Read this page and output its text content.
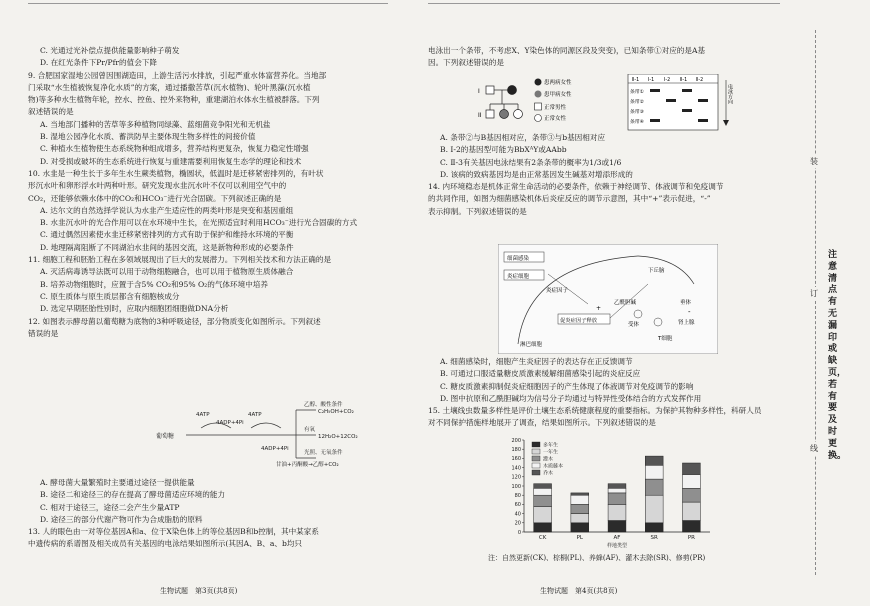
C. 光通过光补偿点提供能量影响种子萌发
D. 在红光条件下Pr/Pfr的值会下降
9. 合肥国家湿地公园曾因围湖造田，上游生活污水排放，引起严重水体富营养化。当地部
门采取“水生植被恢复净化水质”的方案，通过播撒苦草(沉水植物)、轮叶黑藻(沉水植
物)等多种水生植物年轮，控水、控鱼、控外来物种，重建湖泊水体水生植被群落。下列
叙述错误的是
A. 当地部门播种的苦草等多种植物同绿藻、蓝细菌竞争阳光和无机盐
B. 湿地公园净化水质、蓄洪防旱主要体现生物多样性的间接价值
C. 种植水生植物使生态系统物种组成增多，营养结构更复杂，恢复力稳定性增强
D. 对受损或破坏的生态系统进行恢复与重建需要利用恢复生态学的理论和技术
10. 水韭是一种生长于多年生水生蕨类植物，椭圆状，低温时是迁移紧密排列的，有叶状
形沉水叶和卵形浮水叶两种叶形。研究发现水韭沉水叶不仅可以利用空气中的
CO₂，还能够依赖水体中的CO₂和HCO₃⁻进行光合固碳。下列叙述正确的是
A. 达尔文的自然选择学说认为水韭产生适应性的两类叶形是突变和基因重组
B. 水韭沉水叶的光合作用可以在水环境中生长，在光照适宜时利用HCO₃⁻进行光合固碳的方式
C. 通过偶然因素使水韭迁移紧密排列的方式有助于保护和维持水环境的平衡
D. 地理隔离阻断了不同湖泊水韭间的基因交流，这是新物种形成的必要条件
11. 细胞工程和胚胎工程在多领域展现出了巨大的发展潜力。下列相关技术和方法正确的是
A. 灭活病毒诱导法既可以用于动物细胞融合，也可以用于植物原生质体融合
B. 培养动物细胞时，应置于含5% CO₂和95% O₂的气体环境中培养
C. 原生质体与原生质层都含有细胞核成分
D. 选定早期胚胎性别时，应取内细胞团细胞做DNA分析
12. 如图表示酵母菌以葡萄糖为底物的3种呼吸途径，部分物质变化如图所示。下列叙述
错误的是
葡萄糖
4ATP
4ADP+4Pi
4ATP
4ADP+4Pi
乙醇、酸性条件
C₂H₅OH+CO₂
有氧
12H₂O+12CO₂
光照、无氧条件
甘油+丙酮酸→乙醇+CO₂
A. 酵母菌大量繁殖时主要通过途径一提供能量
B. 途径二和途径三的存在提高了酵母菌适应环境的能力
C. 相对于途径三，途径二会产生少量ATP
D. 途径三的部分代谢产物可作为合成脂肪的原料
13. 人的眼色由一对等位基因A和a、位于X染色体上的等位基因B和b控制，其中某家系
中遗传病的系谱图及相关成员有关基因的电泳结果如图所示(其因A、B、a、b均只
生物试题　第3页(共8页)
电泳出一个条带，不考虑X、Y染色体的同源区段及突变)，已知条带①对应的是A基
因。下列叙述错误的是
I
II
患两病女性
患甲病女性
正常男性
正常女性
Ⅱ-1 Ⅰ-1 Ⅰ-2 Ⅱ-1 Ⅱ-2
条带①
条带②
条带③
条带④
电泳方向
A. 条带②与B基因相对应，条带③与b基因相对应
B. Ⅰ-2的基因型可能为BbXᴬY或AAbb
C. Ⅱ-3有关基因电泳结果有2条条带的概率为1/3或1/6
D. 该病的致病基因均是由正常基因发生碱基对增添形成的
14. 内环境稳态是机体正常生命活动的必要条件，依赖于神经调节、体液调节和免疫调节
的共同作用，如图为细菌感染机体后炎症反应的调节示意图，其中“+”表示促进，“-”
表示抑制。下列叙述错误的是
细菌感染
炎症细胞
炎症因子
促炎症因子释放
下丘脑
垂体
肾上腺
乙酰胆碱
受体
T细胞
淋巴细胞
+	-
A. 细菌感染时，细胞产生炎症因子的表达存在正反馈调节
B. 可通过口服适量糖皮质激素缓解细菌感染引起的炎症反应
C. 糖皮质激素抑制促炎症细胞因子的产生体现了体液调节对免疫调节的影响
D. 图中抗原和乙酰胆碱均为信号分子均通过与特异性受体结合的方式发挥作用
15. 土壤线虫数量多样性是评价土壤生态系统健康程度的重要指标。为保护其物种多样性，科研人员
对不同保护措施样地展开了调查，结果如图所示。下列叙述错误的是
0
20
40
60
80
100
120
140
160
180
200
CK	PL	AF	SR	PR
样地类型
多年生
一年生
灌木
木质藤本
乔木
注：自然更新(CK)、棕桐(PL)、养蜂(AF)、灌木去除(SR)、修剪(PR)
生物试题　第4页(共8页)
装
订
线
注意清点有无漏印或缺页，若有要及时更换。
